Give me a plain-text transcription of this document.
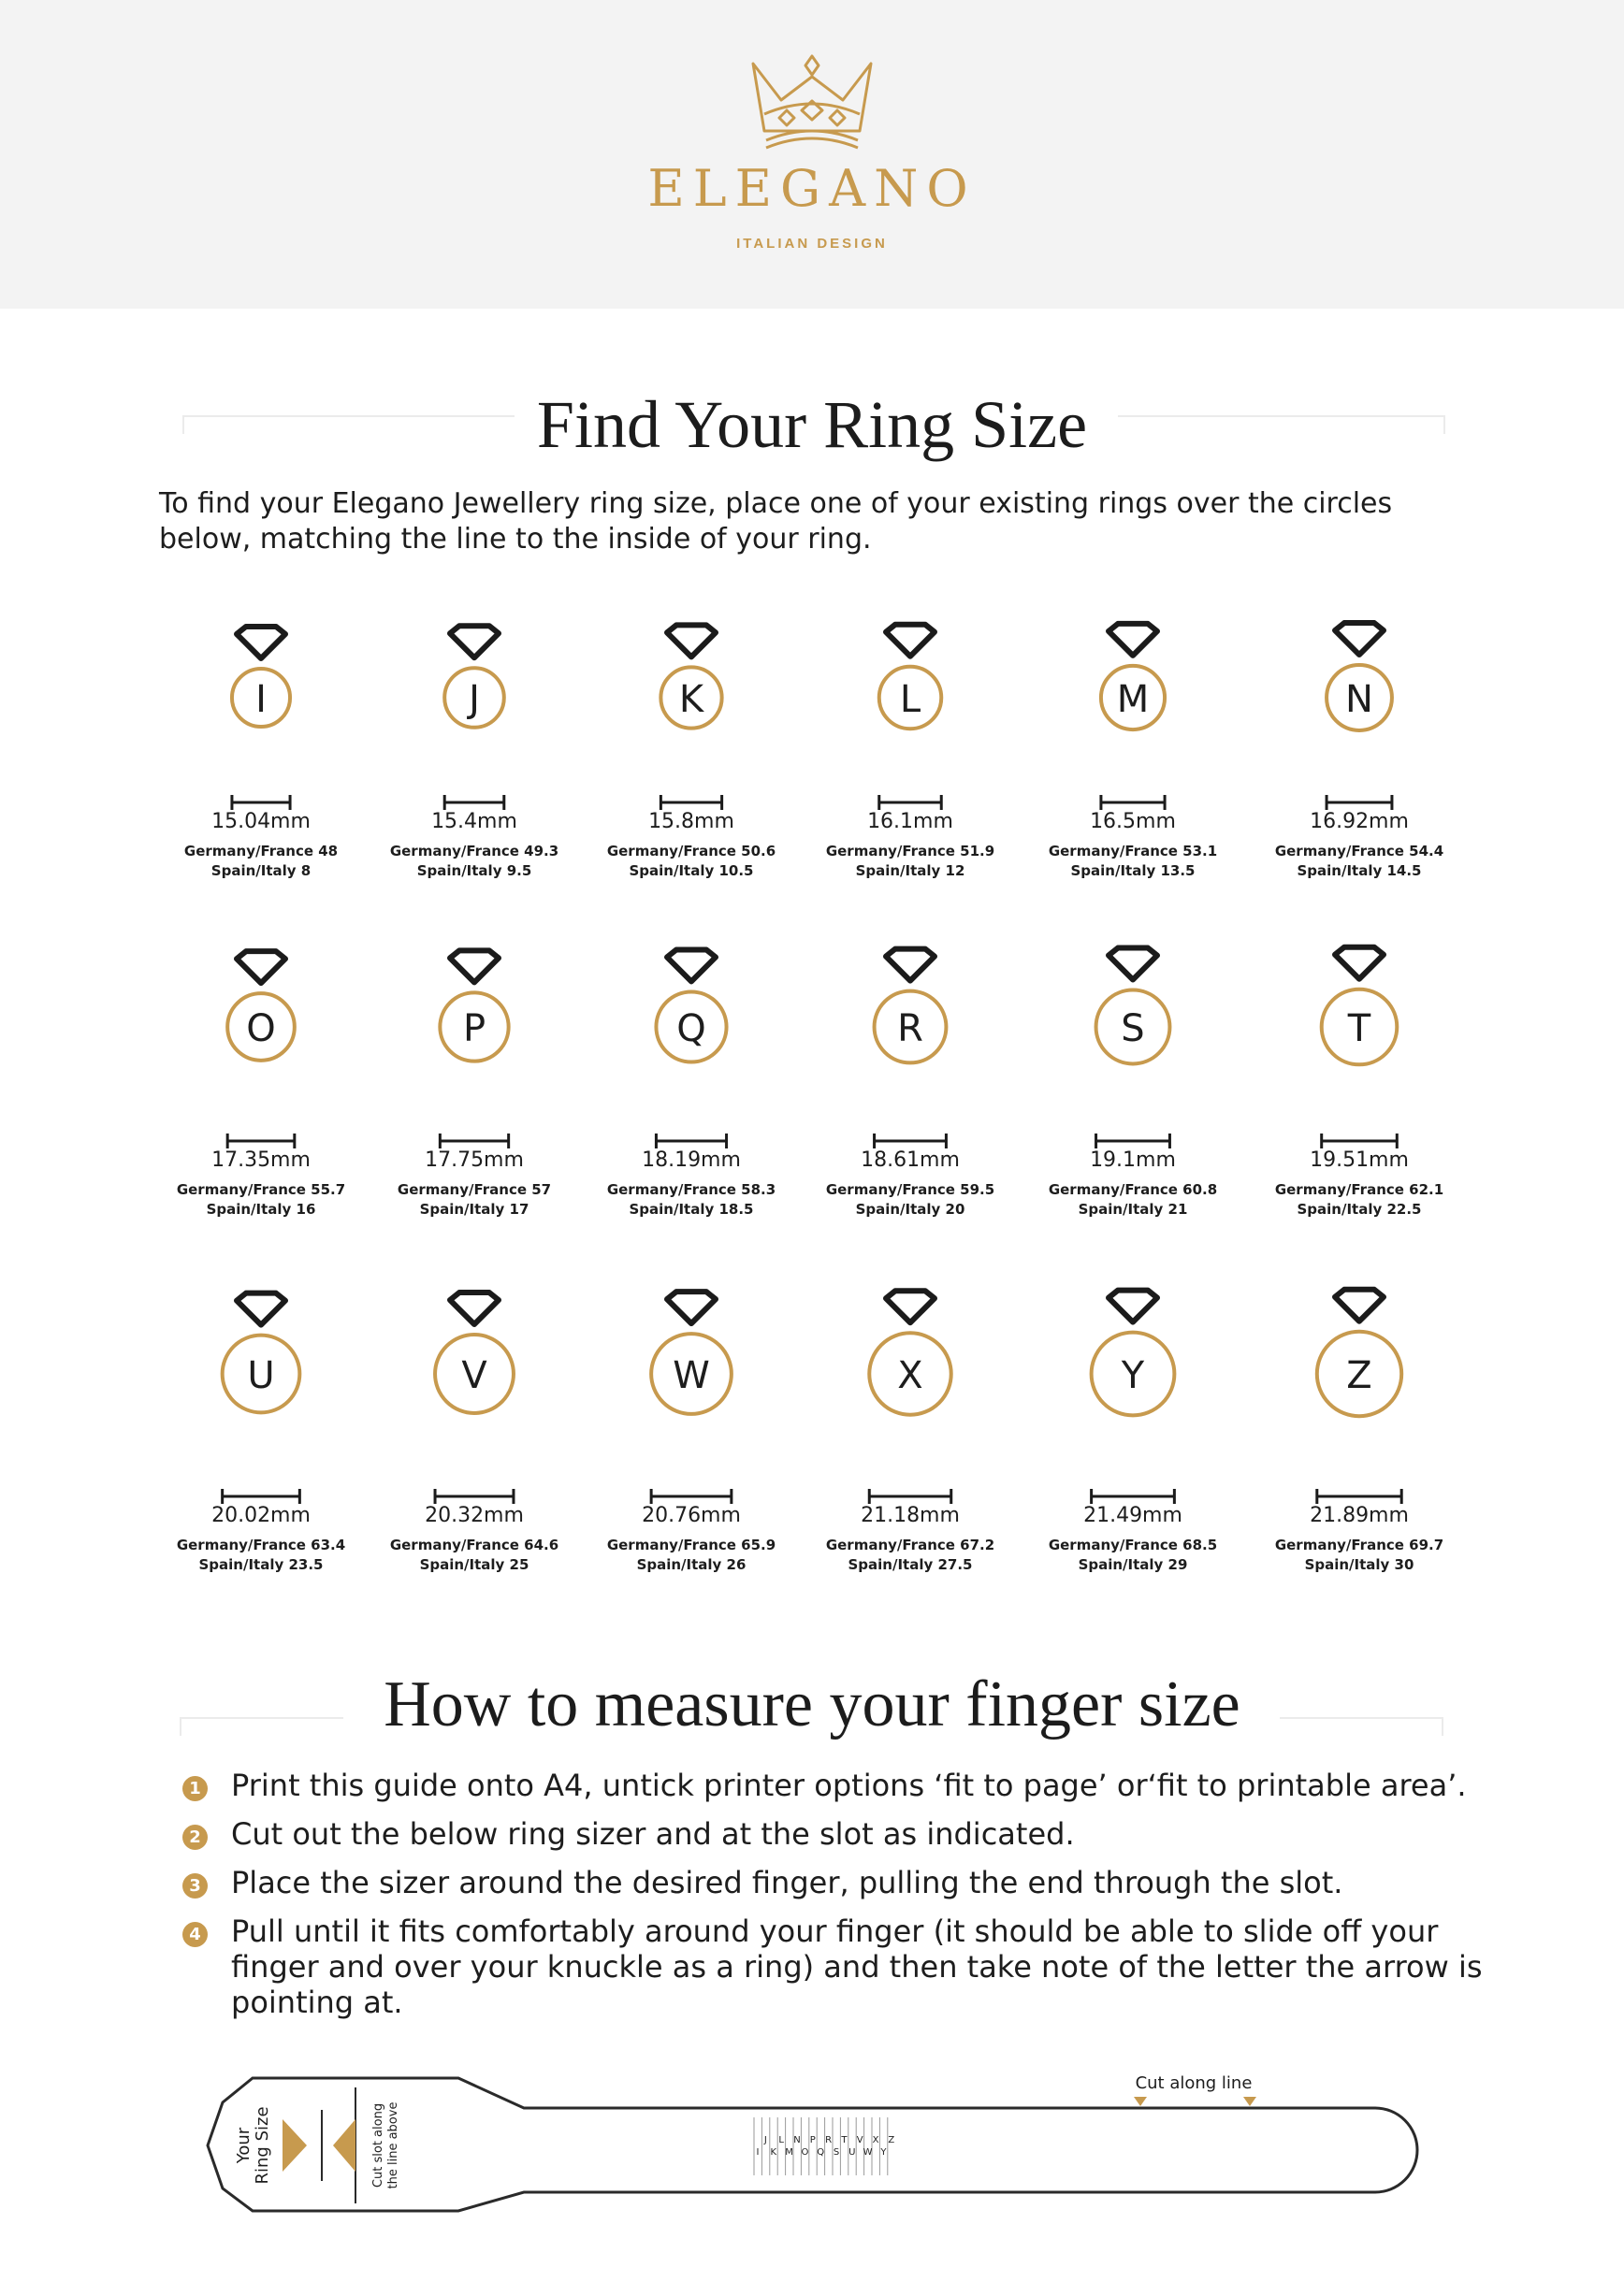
ELEGANO
ITALIAN DESIGN
Find Your Ring Size
To find your Elegano Jewellery ring size, place one of your existing rings over the circles below, matching the line to the inside of your ring.
I	J	K	L	M	N
O	P	Q	R	S	T
U	V	W	X	Y	Z
15.04mm
Germany/France 48
Spain/Italy 8
15.4mm
Germany/France 49.3
Spain/Italy 9.5
15.8mm
Germany/France 50.6
Spain/Italy 10.5
16.1mm
Germany/France 51.9
Spain/Italy 12
16.5mm
Germany/France 53.1
Spain/Italy 13.5
16.92mm
Germany/France 54.4
Spain/Italy 14.5
17.35mm
Germany/France 55.7
Spain/Italy 16
17.75mm
Germany/France 57
Spain/Italy 17
18.19mm
Germany/France 58.3
Spain/Italy 18.5
18.61mm
Germany/France 59.5
Spain/Italy 20
19.1mm
Germany/France 60.8
Spain/Italy 21
19.51mm
Germany/France 62.1
Spain/Italy 22.5
20.02mm
Germany/France 63.4
Spain/Italy 23.5
20.32mm
Germany/France 64.6
Spain/Italy 25
20.76mm
Germany/France 65.9
Spain/Italy 26
21.18mm
Germany/France 67.2
Spain/Italy 27.5
21.49mm
Germany/France 68.5
Spain/Italy 29
21.89mm
Germany/France 69.7
Spain/Italy 30
How to measure your finger size
1 Print this guide onto A4, untick printer options ‘fit to page’ or‘fit to printable area’.
2 Cut out the below ring sizer and at the slot as indicated.
3 Place the sizer around the desired finger, pulling the end through the slot.
4 Pull until it fits comfortably around your finger (it should be able to slide off your finger and over your knuckle as a ring) and then take note of the letter the arrow is pointing at.
Your Ring Size	Cut slot along the line above
Cut along line
J L N P R T V X Z
I K M O Q S U W Y
